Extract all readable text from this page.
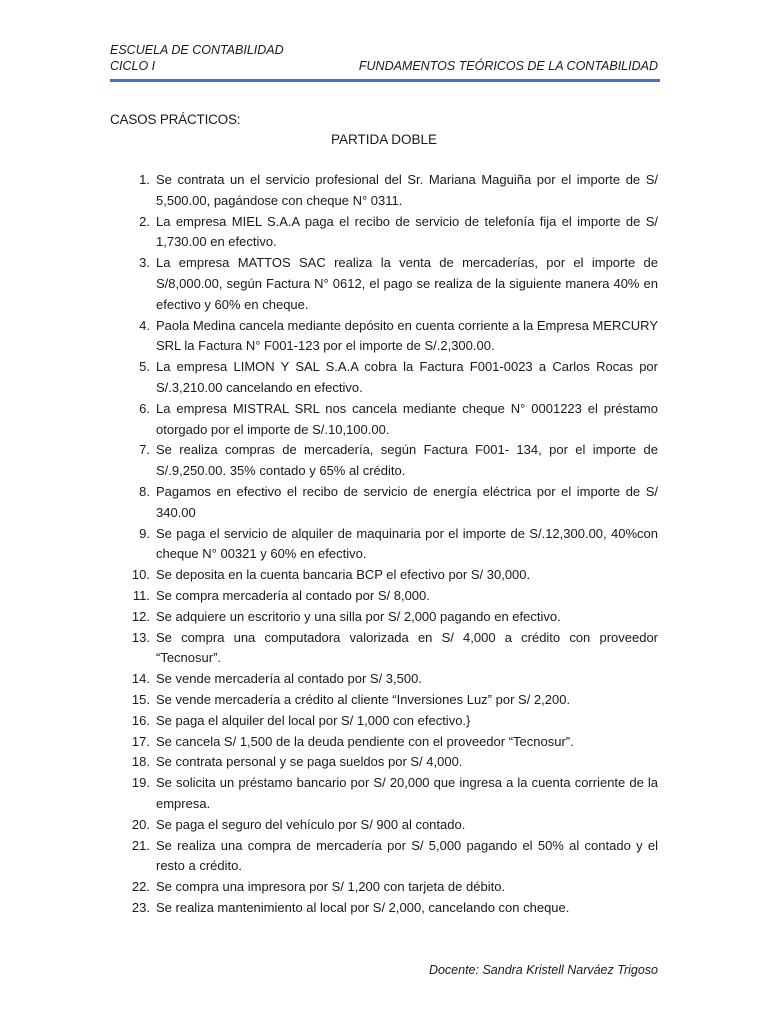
ESCUELA DE CONTABILIDAD
CICLO I	FUNDAMENTOS TEÓRICOS DE LA CONTABILIDAD
CASOS PRÁCTICOS:
PARTIDA DOBLE
1. Se contrata un el servicio profesional del Sr. Mariana Maguiña por el importe de S/ 5,500.00, pagándose con cheque N° 0311.
2. La empresa MIEL S.A.A paga el recibo de servicio de telefonía fija el importe de S/ 1,730.00 en efectivo.
3. La empresa MATTOS SAC realiza la venta de mercaderías, por el importe de S/8,000.00, según Factura N° 0612, el pago se realiza de la siguiente manera 40% en efectivo y 60% en cheque.
4. Paola Medina cancela mediante depósito en cuenta corriente a la Empresa MERCURY SRL la Factura N° F001-123 por el importe de S/.2,300.00.
5. La empresa LIMON Y SAL S.A.A cobra la Factura F001-0023 a Carlos Rocas por S/.3,210.00 cancelando en efectivo.
6. La empresa MISTRAL SRL nos cancela mediante cheque N° 0001223 el préstamo otorgado por el importe de S/.10,100.00.
7. Se realiza compras de mercadería, según Factura F001- 134, por el importe de S/.9,250.00. 35% contado y 65% al crédito.
8. Pagamos en efectivo el recibo de servicio de energía eléctrica por el importe de S/ 340.00
9. Se paga el servicio de alquiler de maquinaria por el importe de S/.12,300.00, 40%con cheque N° 00321 y 60% en efectivo.
10. Se deposita en la cuenta bancaria BCP el efectivo por S/ 30,000.
11. Se compra mercadería al contado por S/ 8,000.
12. Se adquiere un escritorio y una silla por S/ 2,000 pagando en efectivo.
13. Se compra una computadora valorizada en S/ 4,000 a crédito con proveedor “Tecnosur”.
14. Se vende mercadería al contado por S/ 3,500.
15. Se vende mercadería a crédito al cliente “Inversiones Luz” por S/ 2,200.
16. Se paga el alquiler del local por S/ 1,000 con efectivo.}
17. Se cancela S/ 1,500 de la deuda pendiente con el proveedor “Tecnosur”.
18. Se contrata personal y se paga sueldos por S/ 4,000.
19. Se solicita un préstamo bancario por S/ 20,000 que ingresa a la cuenta corriente de la empresa.
20. Se paga el seguro del vehículo por S/ 900 al contado.
21. Se realiza una compra de mercadería por S/ 5,000 pagando el 50% al contado y el resto a crédito.
22. Se compra una impresora por S/ 1,200 con tarjeta de débito.
23. Se realiza mantenimiento al local por S/ 2,000, cancelando con cheque.
Docente: Sandra Kristell Narváez Trigoso
